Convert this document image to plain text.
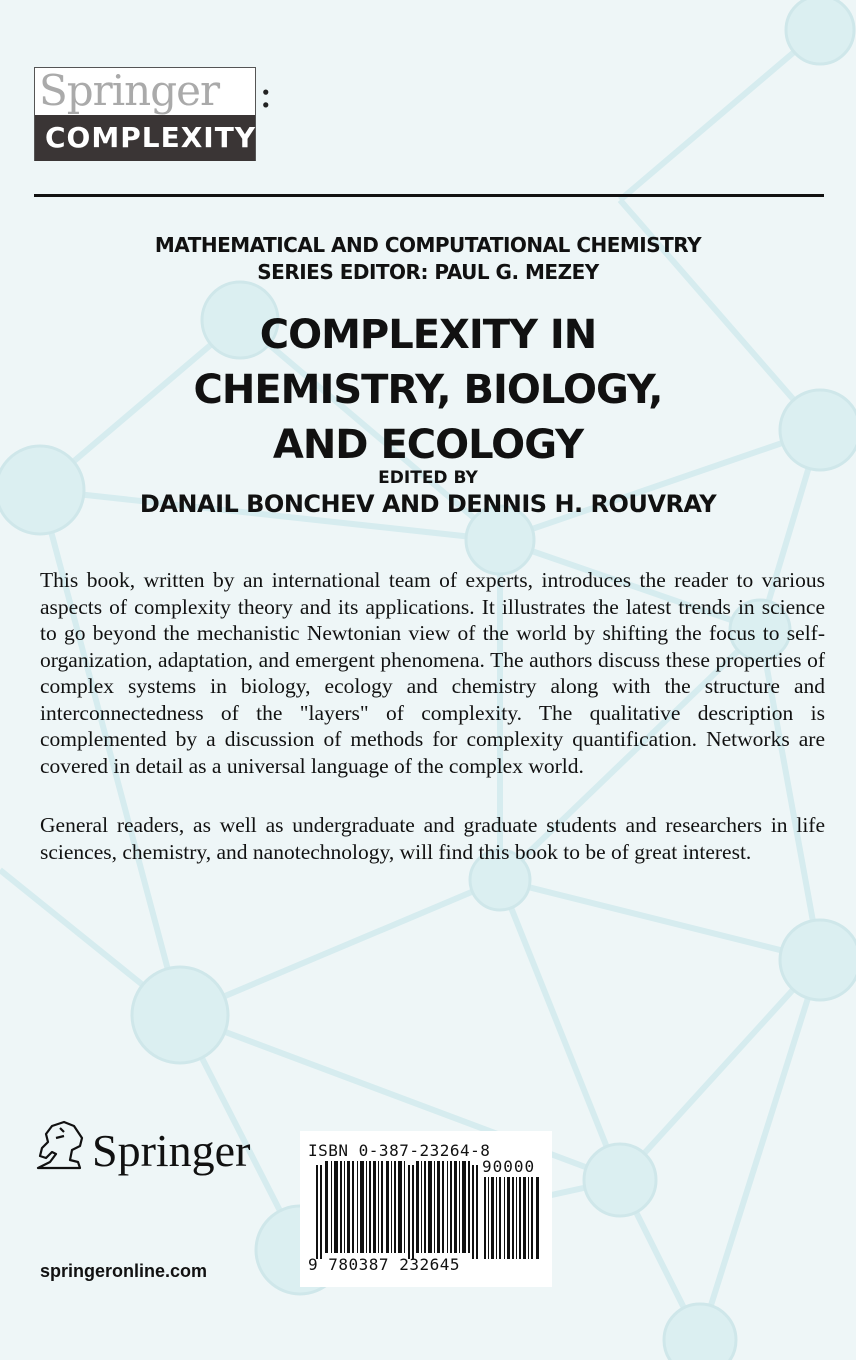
Springer
COMPLEXITY
:
MATHEMATICAL AND COMPUTATIONAL CHEMISTRY
SERIES EDITOR: PAUL G. MEZEY
COMPLEXITY IN
CHEMISTRY, BIOLOGY,
AND ECOLOGY
EDITED BY
DANAIL BONCHEV AND DENNIS H. ROUVRAY

This book, written by an international team of experts, introduces the reader to various aspects of complexity theory and its applications. It illustrates the latest trends in science to go beyond the mechanistic Newtonian view of the world by shifting the focus to self-organization, adaptation, and emergent phenomena. The authors discuss these properties of complex systems in biology, ecology and chemistry along with the structure and interconnectedness of the "layers" of complexity. The qualitative description is complemented by a discussion of methods for complexity quantification. Networks are covered in detail as a universal language of the complex world.

General readers, as well as undergraduate and graduate students and researchers in life sciences, chemistry, and nanotechnology, will find this book to be of great interest.

Springer
springeronline.com
ISBN 0-387-23264-8
90000
9 780387 232645
